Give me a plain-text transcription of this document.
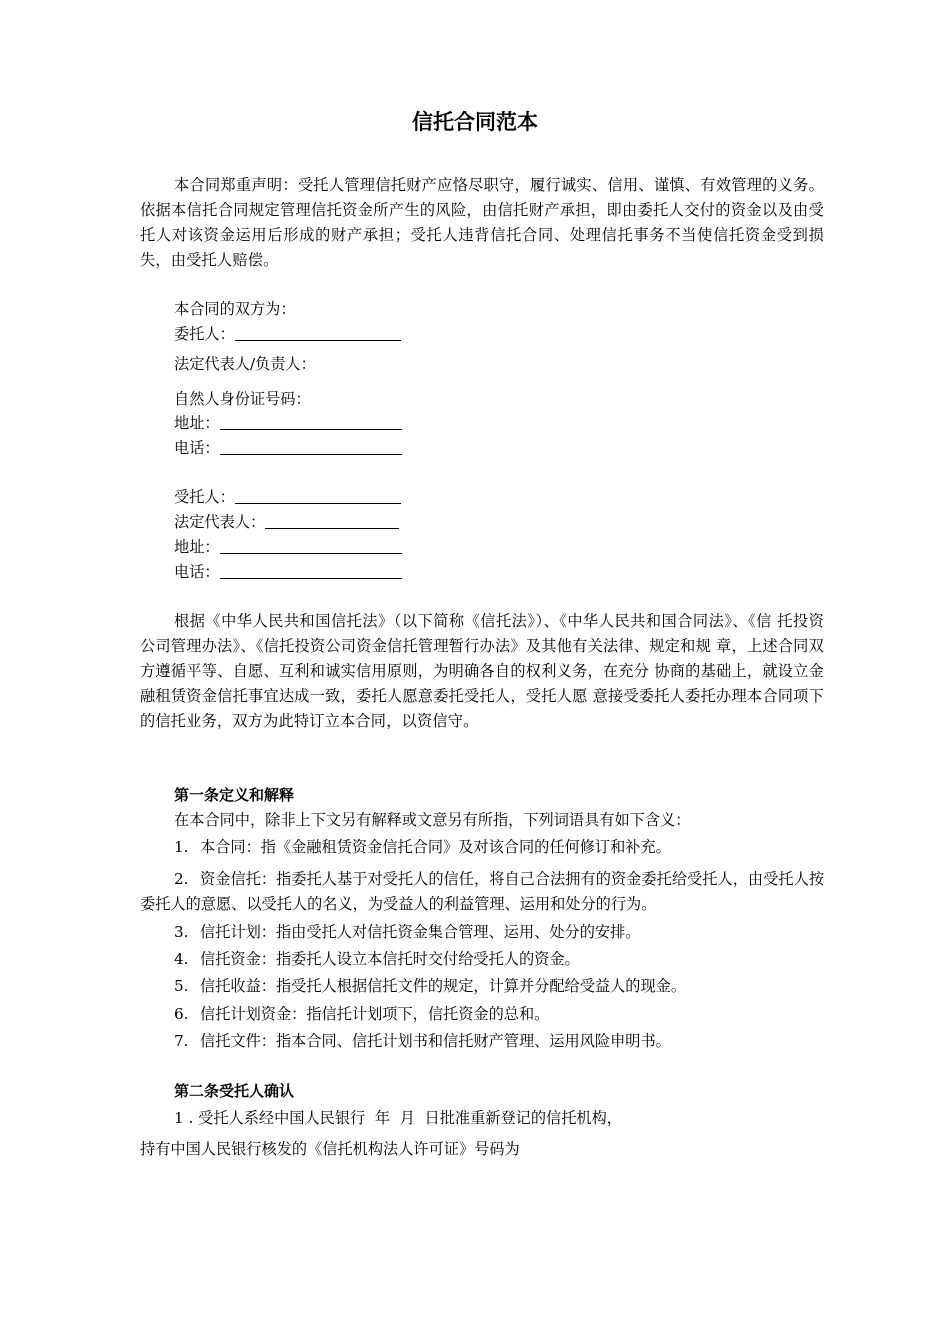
信托合同范本
本合同郑重声明：受托人管理信托财产应恪尽职守，履行诚实、信用、谨慎、有效管理的义务。依据本信托合同规定管理信托资金所产生的风险，由信托财产承担，即由委托人交付的资金以及由受托人对该资金运用后形成的财产承担；受托人违背信托合同、处理信托事务不当使信托资金受到损失，由受托人赔偿。
本合同的双方为：
委托人：
法定代表人/负责人：
自然人身份证号码：
地址：
电话：
受托人：
法定代表人：
地址：
电话：
根据《中华人民共和国信托法》（以下简称《信托法》）、《中华人民共和国合同法》、《信 托投资公司管理办法》、《信托投资公司资金信托管理暂行办法》及其他有关法律、规定和规 章，上述合同双方遵循平等、自愿、互利和诚实信用原则，为明确各自的权利义务，在充分 协商的基础上，就设立金融租赁资金信托事宜达成一致，委托人愿意委托受托人，受托人愿 意接受委托人委托办理本合同项下的信托业务，双方为此特订立本合同，以资信守。
第一条定义和解释
在本合同中，除非上下文另有解释或文意另有所指，下列词语具有如下含义：
1. 本合同：指《金融租赁资金信托合同》及对该合同的任何修订和补充。
2. 资金信托：指委托人基于对受托人的信任，将自己合法拥有的资金委托给受托人，由受托人按委托人的意愿、以受托人的名义，为受益人的利益管理、运用和处分的行为。
3. 信托计划：指由受托人对信托资金集合管理、运用、处分的安排。
4. 信托资金：指委托人设立本信托时交付给受托人的资金。
5. 信托收益：指受托人根据信托文件的规定，计算并分配给受益人的现金。
6. 信托计划资金：指信托计划项下，信托资金的总和。
7. 信托文件：指本合同、信托计划书和信托财产管理、运用风险申明书。
第二条受托人确认
1 . 受托人系经中国人民银行  年  月  日批准重新登记的信托机构，
持有中国人民银行核发的《信托机构法人许可证》号码为
